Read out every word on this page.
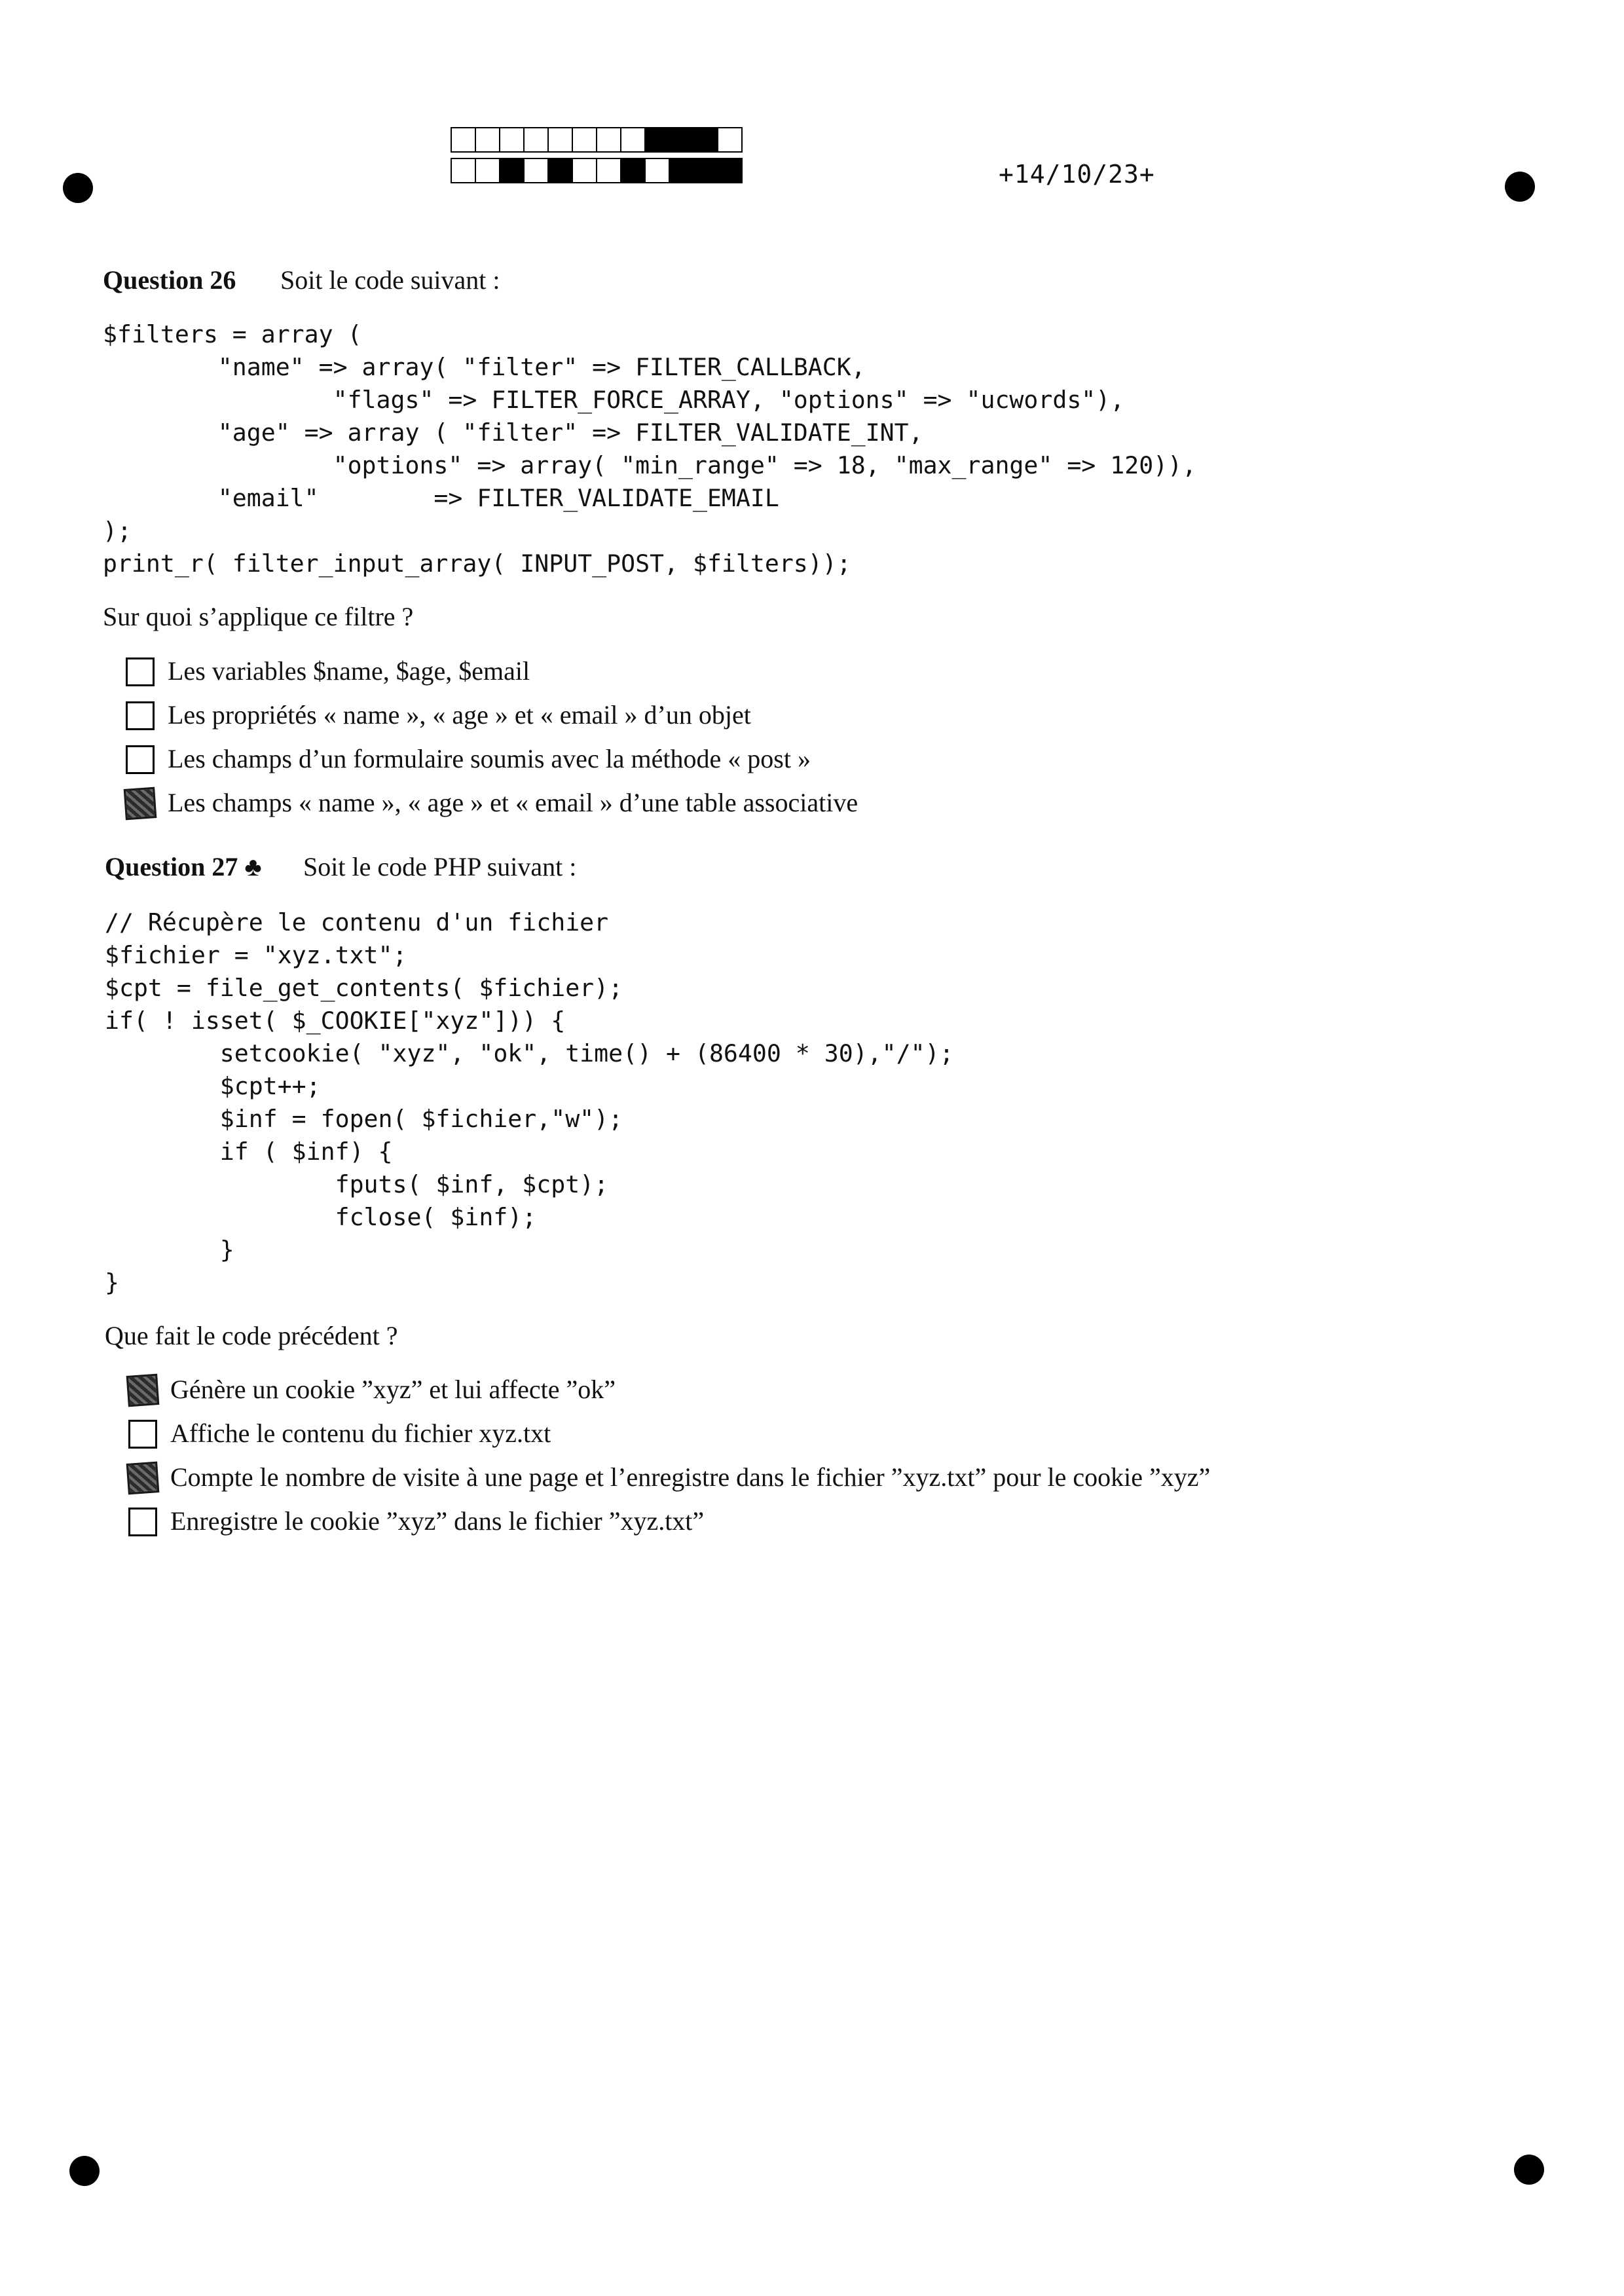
+14/10/23+
Question 26 Soit le code suivant :
$filters = array (
"name" => array( "filter" => FILTER_CALLBACK,
"flags" => FILTER_FORCE_ARRAY, "options" => "ucwords"),
"age" => array ( "filter" => FILTER_VALIDATE_INT,
"options" => array( "min_range" => 18, "max_range" => 120)),
"email"        => FILTER_VALIDATE_EMAIL
);
print_r( filter_input_array( INPUT_POST, $filters));
Sur quoi s’applique ce filtre ?
Les variables $name, $age, $email
Les propriétés « name », « age » et « email » d’un objet
Les champs d’un formulaire soumis avec la méthode « post »
Les champs « name », « age » et « email » d’une table associative
Question 27 ♣ Soit le code PHP suivant :
// Récupère le contenu d'un fichier
$fichier = "xyz.txt";
$cpt = file_get_contents( $fichier);
if( ! isset( $_COOKIE["xyz"])) {
setcookie( "xyz", "ok", time() + (86400 * 30),"/");
$cpt++;
$inf = fopen( $fichier,"w");
if ( $inf) {
fputs( $inf, $cpt);
fclose( $inf);
}
}
Que fait le code précédent ?
Génère un cookie ”xyz” et lui affecte ”ok”
Affiche le contenu du fichier xyz.txt
Compte le nombre de visite à une page et l’enregistre dans le fichier ”xyz.txt” pour le cookie ”xyz”
Enregistre le cookie ”xyz” dans le fichier ”xyz.txt”
